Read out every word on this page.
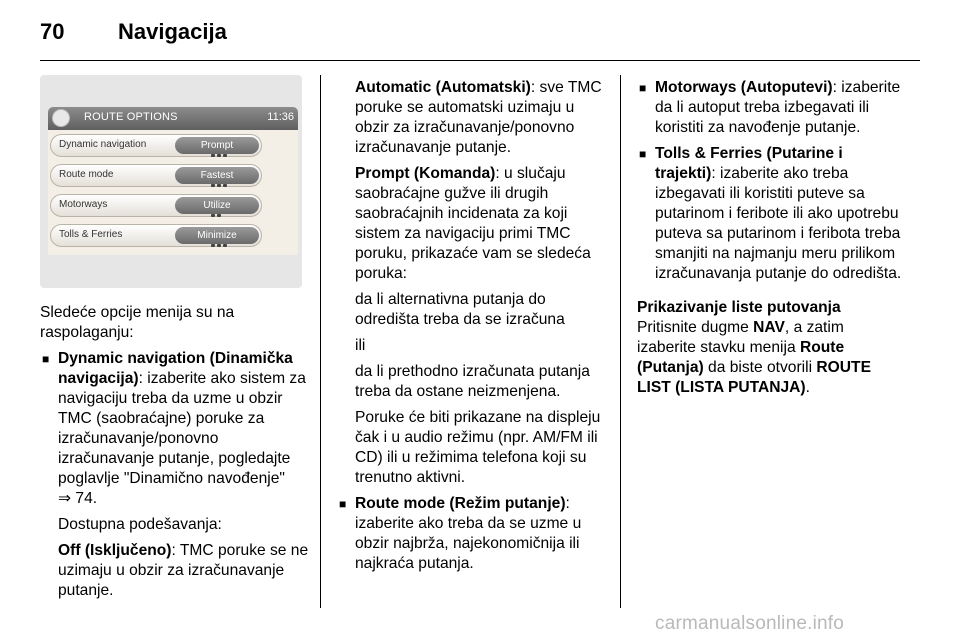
70 Navigacija
ROUTE OPTIONS	11:36
Dynamic navigation	Prompt
Route mode	Fastest
Motorways	Utilize
Tolls & Ferries	Minimize

Sledeće opcije menija su na raspolaganju:

■ Dynamic navigation (Dinamička navigacija): izaberite ako sistem za navigaciju treba da uzme u obzir TMC (saobraćajne) poruke za izračunavanje/ponovno izračunavanje putanje, pogledajte poglavlje "Dinamično navođenje"
⇒ 74.

Dostupna podešavanja:

Off (Isključeno): TMC poruke se ne uzimaju u obzir za izračunavanje putanje.

Automatic (Automatski): sve TMC poruke se automatski uzimaju u obzir za izračunavanje/ponovno izračunavanje putanje.

Prompt (Komanda): u slučaju saobraćajne gužve ili drugih saobraćajnih incidenata za koji sistem za navigaciju primi TMC poruku, prikazaće vam se sledeća poruka:

da li alternativna putanja do odredišta treba da se izračuna

ili

da li prethodno izračunata putanja treba da ostane neizmenjena.

Poruke će biti prikazane na displeju čak i u audio režimu (npr. AM/FM ili CD) ili u režimima telefona koji su trenutno aktivni.

■ Route mode (Režim putanje): izaberite ako treba da se uzme u obzir najbrža, najekonomičnija ili najkraća putanja.
■ Motorways (Autoputevi): izaberite da li autoput treba izbegavati ili koristiti za navođenje putanje.
■ Tolls & Ferries (Putarine i trajekti): izaberite ako treba izbegavati ili koristiti puteve sa putarinom i feribote ili ako upotrebu puteva sa putarinom i feribota treba smanjiti na najmanju meru prilikom izračunavanja putanje do odredišta.

Prikazivanje liste putovanja

Pritisnite dugme NAV, a zatim izaberite stavku menija Route (Putanja) da biste otvorili ROUTE LIST (LISTA PUTANJA).

carmanualsonline.info
